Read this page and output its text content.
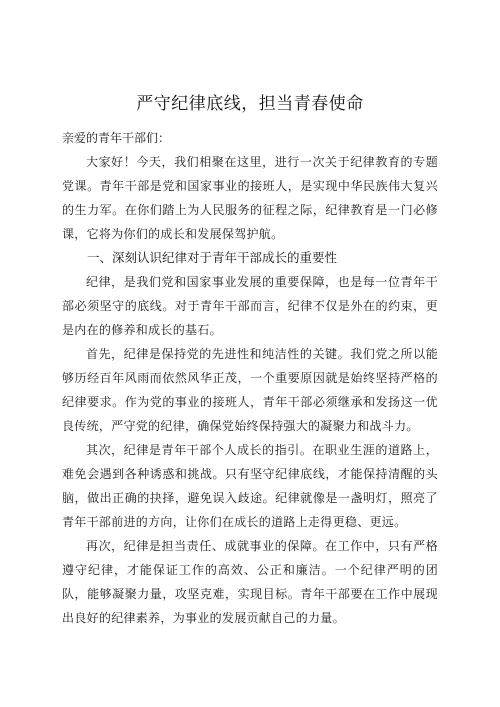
严守纪律底线，担当青春使命

亲爱的青年干部们：

大家好！今天，我们相聚在这里，进行一次关于纪律教育的专题党课。青年干部是党和国家事业的接班人，是实现中华民族伟大复兴的生力军。在你们踏上为人民服务的征程之际，纪律教育是一门必修课，它将为你们的成长和发展保驾护航。

一、深刻认识纪律对于青年干部成长的重要性

纪律，是我们党和国家事业发展的重要保障，也是每一位青年干部必须坚守的底线。对于青年干部而言，纪律不仅是外在的约束，更是内在的修养和成长的基石。

首先，纪律是保持党的先进性和纯洁性的关键。我们党之所以能够历经百年风雨而依然风华正茂，一个重要原因就是始终坚持严格的纪律要求。作为党的事业的接班人，青年干部必须继承和发扬这一优良传统，严守党的纪律，确保党始终保持强大的凝聚力和战斗力。

其次，纪律是青年干部个人成长的指引。在职业生涯的道路上，难免会遇到各种诱惑和挑战。只有坚守纪律底线，才能保持清醒的头脑，做出正确的抉择，避免误入歧途。纪律就像是一盏明灯，照亮了青年干部前进的方向，让你们在成长的道路上走得更稳、更远。

再次，纪律是担当责任、成就事业的保障。在工作中，只有严格遵守纪律，才能保证工作的高效、公正和廉洁。一个纪律严明的团队，能够凝聚力量，攻坚克难，实现目标。青年干部要在工作中展现出良好的纪律素养，为事业的发展贡献自己的力量。
